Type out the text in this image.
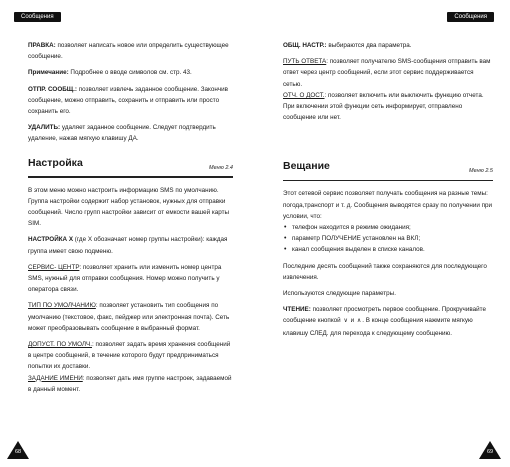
Сообщения

ПРАВКА: позволяет написать новое или определить существующее сообщение.

Примечание: Подробнее о вводе символов см. стр. 43.

ОТПР. СООБЩ.: позволяет извлечь заданное сообщение. Закончив сообщение, можно отправить, сохранить и отправить или просто сохранить его.

УДАЛИТЬ: удаляет заданное сообщение. Следует подтвердить удаление, нажав мягкую клавишу ДА.

Настройка	Меню 2.4

В этом меню можно настроить информацию SMS по умолчанию. Группа настройки содержит набор установок, нужных для отправки сообщений. Число групп настройки зависит от емкости вашей карты SIM.

НАСТРОЙКА X (где X обозначает номер группы настройки): каждая группа имеет свою подменю.

СЕРВИС- ЦЕНТР: позволяет хранить или изменить номер центра SMS, нужный для отправки сообщения. Номер можно получить у оператора связи.

ТИП ПО УМОЛЧАНИЮ: позволяет установить тип сообщения по умолчанию (текстовое, факс, пейджер или электронная почта). Сеть может преобразовывать сообщение в выбранный формат.

ДОПУСТ. ПО УМОЛЧ.: позволяет задать время хранения сообщений в центре сообщений, в течение которого будут предприниматься попытки их доставки.

ЗАДАНИЕ ИМЕНИ: позволяет дать имя группе настроек, задаваемой в данный момент.

68
Сообщения

ОБЩ. НАСТР.: выбираются два параметра.

ПУТЬ ОТВЕТА: позволяет получателю SMS-сообщения отправить вам ответ через центр сообщений, если этот сервис поддерживается сетью.

ОТЧ. О ДОСТ.: позволяет включить или выключить функцию отчета. При включении этой функции сеть информирует, отправлено сообщение или нет.

Вещание	Меню 2.5

Этот сетевой сервис позволяет получать сообщения на разные темы: погода,транспорт и т. д. Сообщения выводятся сразу по получении при условии, что:

• телефон находится в режиме ожидания;
• параметр ПОЛУЧЕНИЕ установлен на ВКЛ;
• канал сообщения выделен в списке каналов.

Последние десять сообщений также сохраняются для последующего извлечения.

Используются следующие параметры.

ЧТЕНИЕ: позволяет просмотреть первое сообщение. Прокручивайте сообщение кнопкой ∨ и ∧. В конце сообщения нажмите мягкую клавишу СЛЕД. для перехода к следующему сообщению.

69
